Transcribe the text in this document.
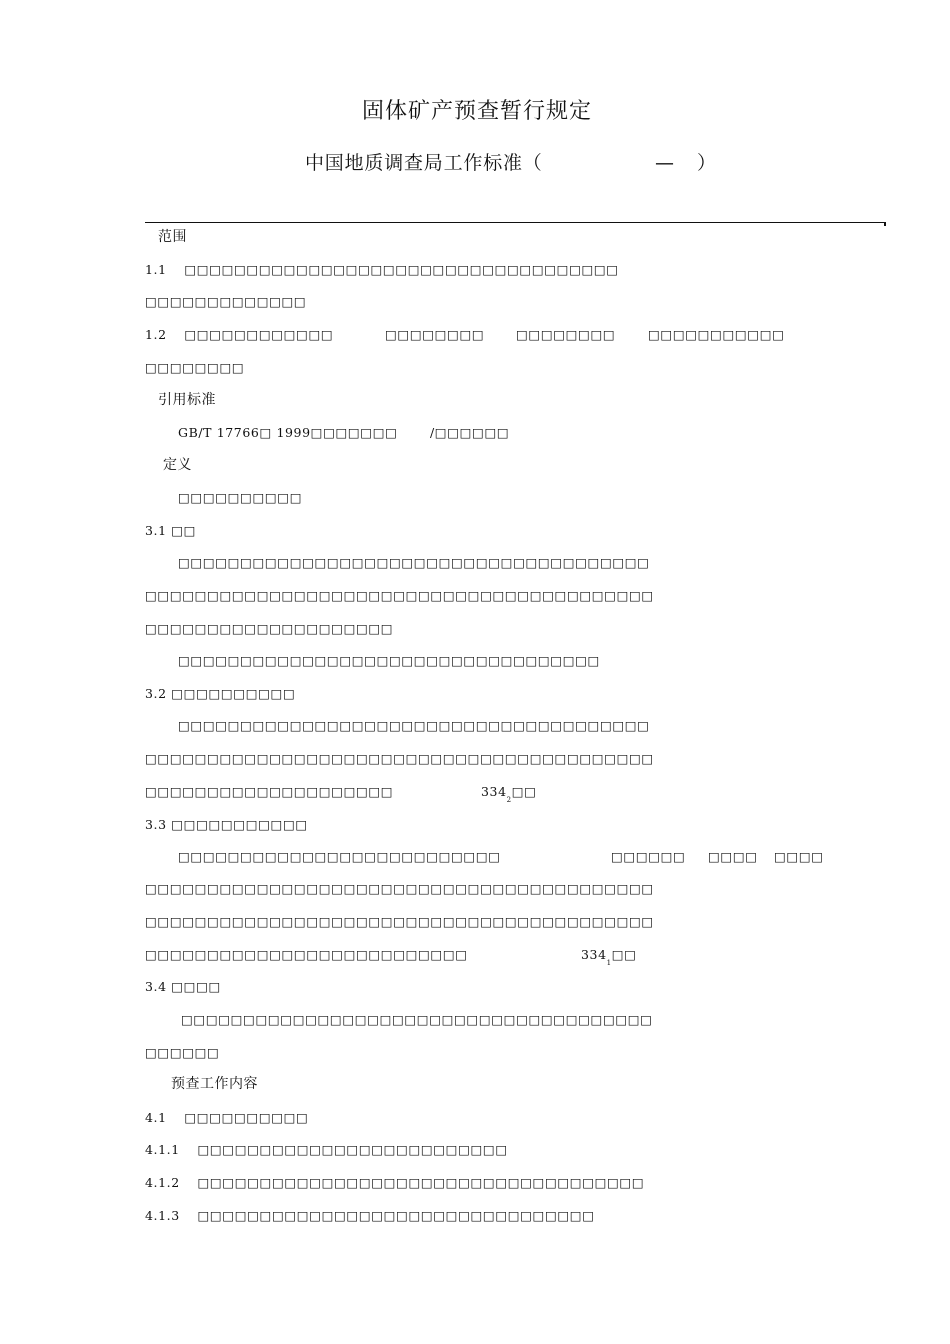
固体矿产预查暂行规定
中国地质调查局工作标准（	— ）
范围
1.1 　□□□□□□□□□□□□□□□□□□□□□□□□□□□□□□□□□□□
□□□□□□□□□□□□□
1.2 　□□□□□□□□□□□□	□□□□□□□□	□□□□□□□□	□□□□□□□□□□□
□□□□□□□□
引用标准
GB/T 17766□ 1999□□□□□□□	/□□□□□□
定义
□□□□□□□□□□
3.1 □□
□□□□□□□□□□□□□□□□□□□□□□□□□□□□□□□□□□□□□□
□□□□□□□□□□□□□□□□□□□□□□□□□□□□□□□□□□□□□□□□□
□□□□□□□□□□□□□□□□□□□□
□□□□□□□□□□□□□□□□□□□□□□□□□□□□□□□□□□
3.2 □□□□□□□□□□
□□□□□□□□□□□□□□□□□□□□□□□□□□□□□□□□□□□□□□
□□□□□□□□□□□□□□□□□□□□□□□□□□□□□□□□□□□□□□□□□
□□□□□□□□□□□□□□□□□□□□	$334_2□□$
3.3 □□□□□□□□□□□
□□□□□□□□□□□□□□□□□□□□□□□□□□	□□□□□□ □□□□ □□□□
□□□□□□□□□□□□□□□□□□□□□□□□□□□□□□□□□□□□□□□□□
□□□□□□□□□□□□□□□□□□□□□□□□□□□□□□□□□□□□□□□□□
□□□□□□□□□□□□□□□□□□□□□□□□□□	$334_1□□$
3.4 □□□□
□□□□□□□□□□□□□□□□□□□□□□□□□□□□□□□□□□□□□□
□□□□□□
预查工作内容
4.1 　□□□□□□□□□□
4.1.1 　□□□□□□□□□□□□□□□□□□□□□□□□□
4.1.2 　□□□□□□□□□□□□□□□□□□□□□□□□□□□□□□□□□□□□
4.1.3 　□□□□□□□□□□□□□□□□□□□□□□□□□□□□□□□□
